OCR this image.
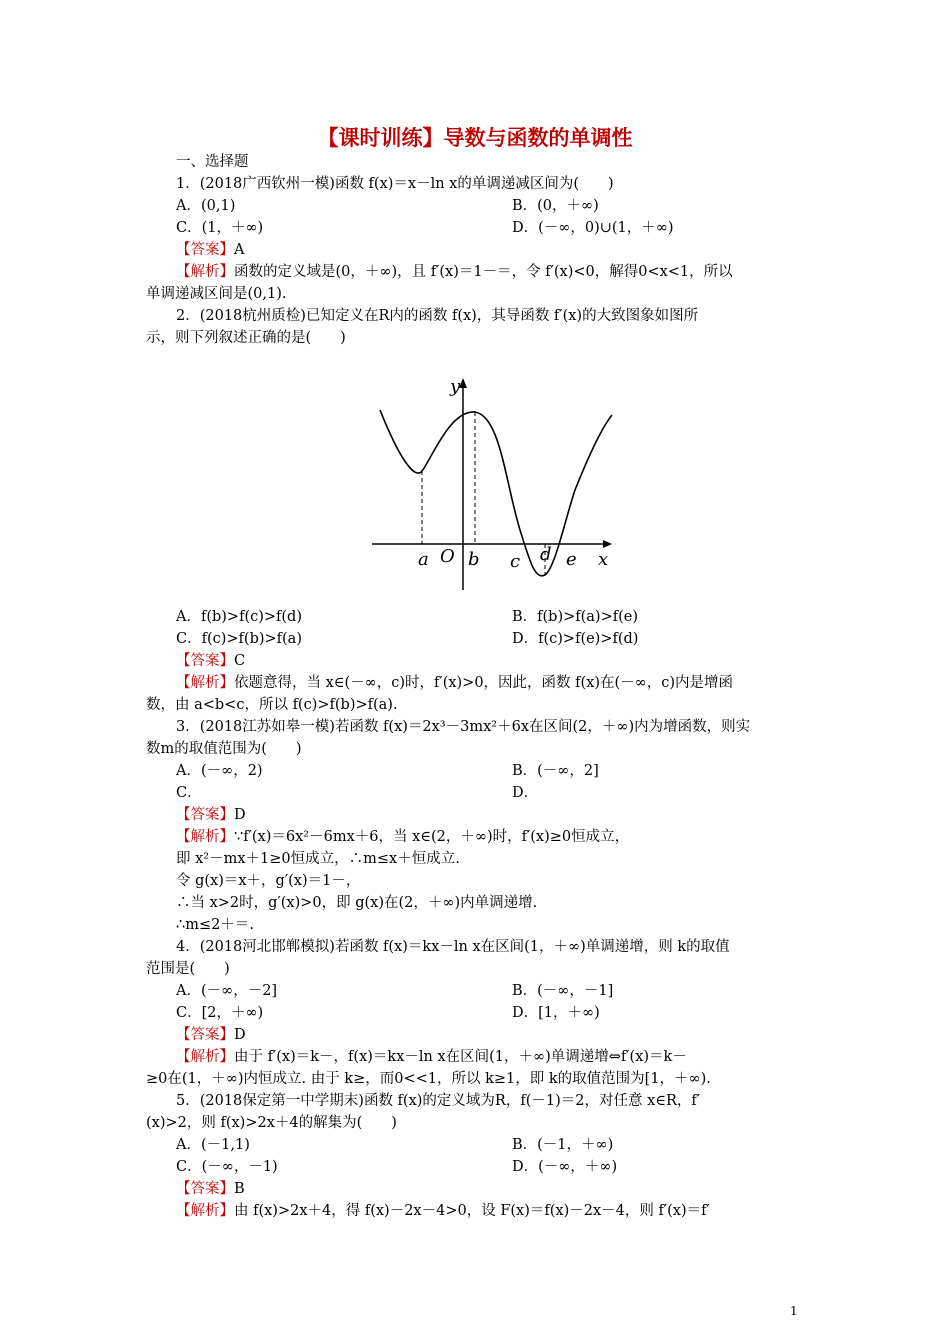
【课时训练】导数与函数的单调性
一、选择题
1．(2018广西钦州一模)函数 f(x)＝x－ln x的单调递减区间为(　　)
A．(0,1)	B．(0，＋∞)
C．(1，＋∞)	D．(－∞，0)∪(1，＋∞)
【答案】A
【解析】函数的定义域是(0，＋∞)，且 f′(x)＝1－＝，令 f′(x)<0，解得0<x<1，所以
单调递减区间是(0,1).
2．(2018杭州质检)已知定义在R内的函数 f(x)，其导函数 f′(x)的大致图象如图所
示，则下列叙述正确的是(　　)
y
x
a O b c d e
A．f(b)>f(c)>f(d)	B．f(b)>f(a)>f(e)
C．f(c)>f(b)>f(a)	D．f(c)>f(e)>f(d)
【答案】C
【解析】依题意得，当 x∈(－∞，c)时，f′(x)>0，因此，函数 f(x)在(－∞，c)内是增函
数，由 a<b<c，所以 f(c)>f(b)>f(a).
3．(2018江苏如皋一模)若函数 f(x)＝2x³－3mx²＋6x在区间(2，＋∞)内为增函数，则实
数m的取值范围为(　　)
A．(－∞，2)	B．(－∞，2]
C．	D．
【答案】D
【解析】∵f′(x)＝6x²－6mx＋6，当 x∈(2，＋∞)时，f′(x)≥0恒成立，
即 x²－mx＋1≥0恒成立，∴m≤x＋恒成立.
令 g(x)＝x＋，g′(x)＝1－，
∴当 x>2时，g′(x)>0，即 g(x)在(2，＋∞)内单调递增.
∴m≤2＋＝.
4．(2018河北邯郸模拟)若函数 f(x)＝kx－ln x在区间(1，＋∞)单调递增，则 k的取值
范围是(　　)
A．(－∞，－2]	B．(－∞，－1]
C．[2，＋∞)	D．[1，＋∞)
【答案】D
【解析】由于 f′(x)＝k－，f(x)＝kx－ln x在区间(1，＋∞)单调递增⇔f′(x)＝k－
≥0在(1，＋∞)内恒成立. 由于 k≥，而0<<1，所以 k≥1，即 k的取值范围为[1，＋∞).
5．(2018保定第一中学期末)函数 f(x)的定义域为R，f(－1)＝2，对任意 x∈R，f′
(x)>2，则 f(x)>2x＋4的解集为(　　)
A．(－1,1)	B．(－1，＋∞)
C．(－∞，－1)	D．(－∞，＋∞)
【答案】B
【解析】由 f(x)>2x＋4，得 f(x)－2x－4>0，设 F(x)＝f(x)－2x－4，则 f′(x)＝f′
1
